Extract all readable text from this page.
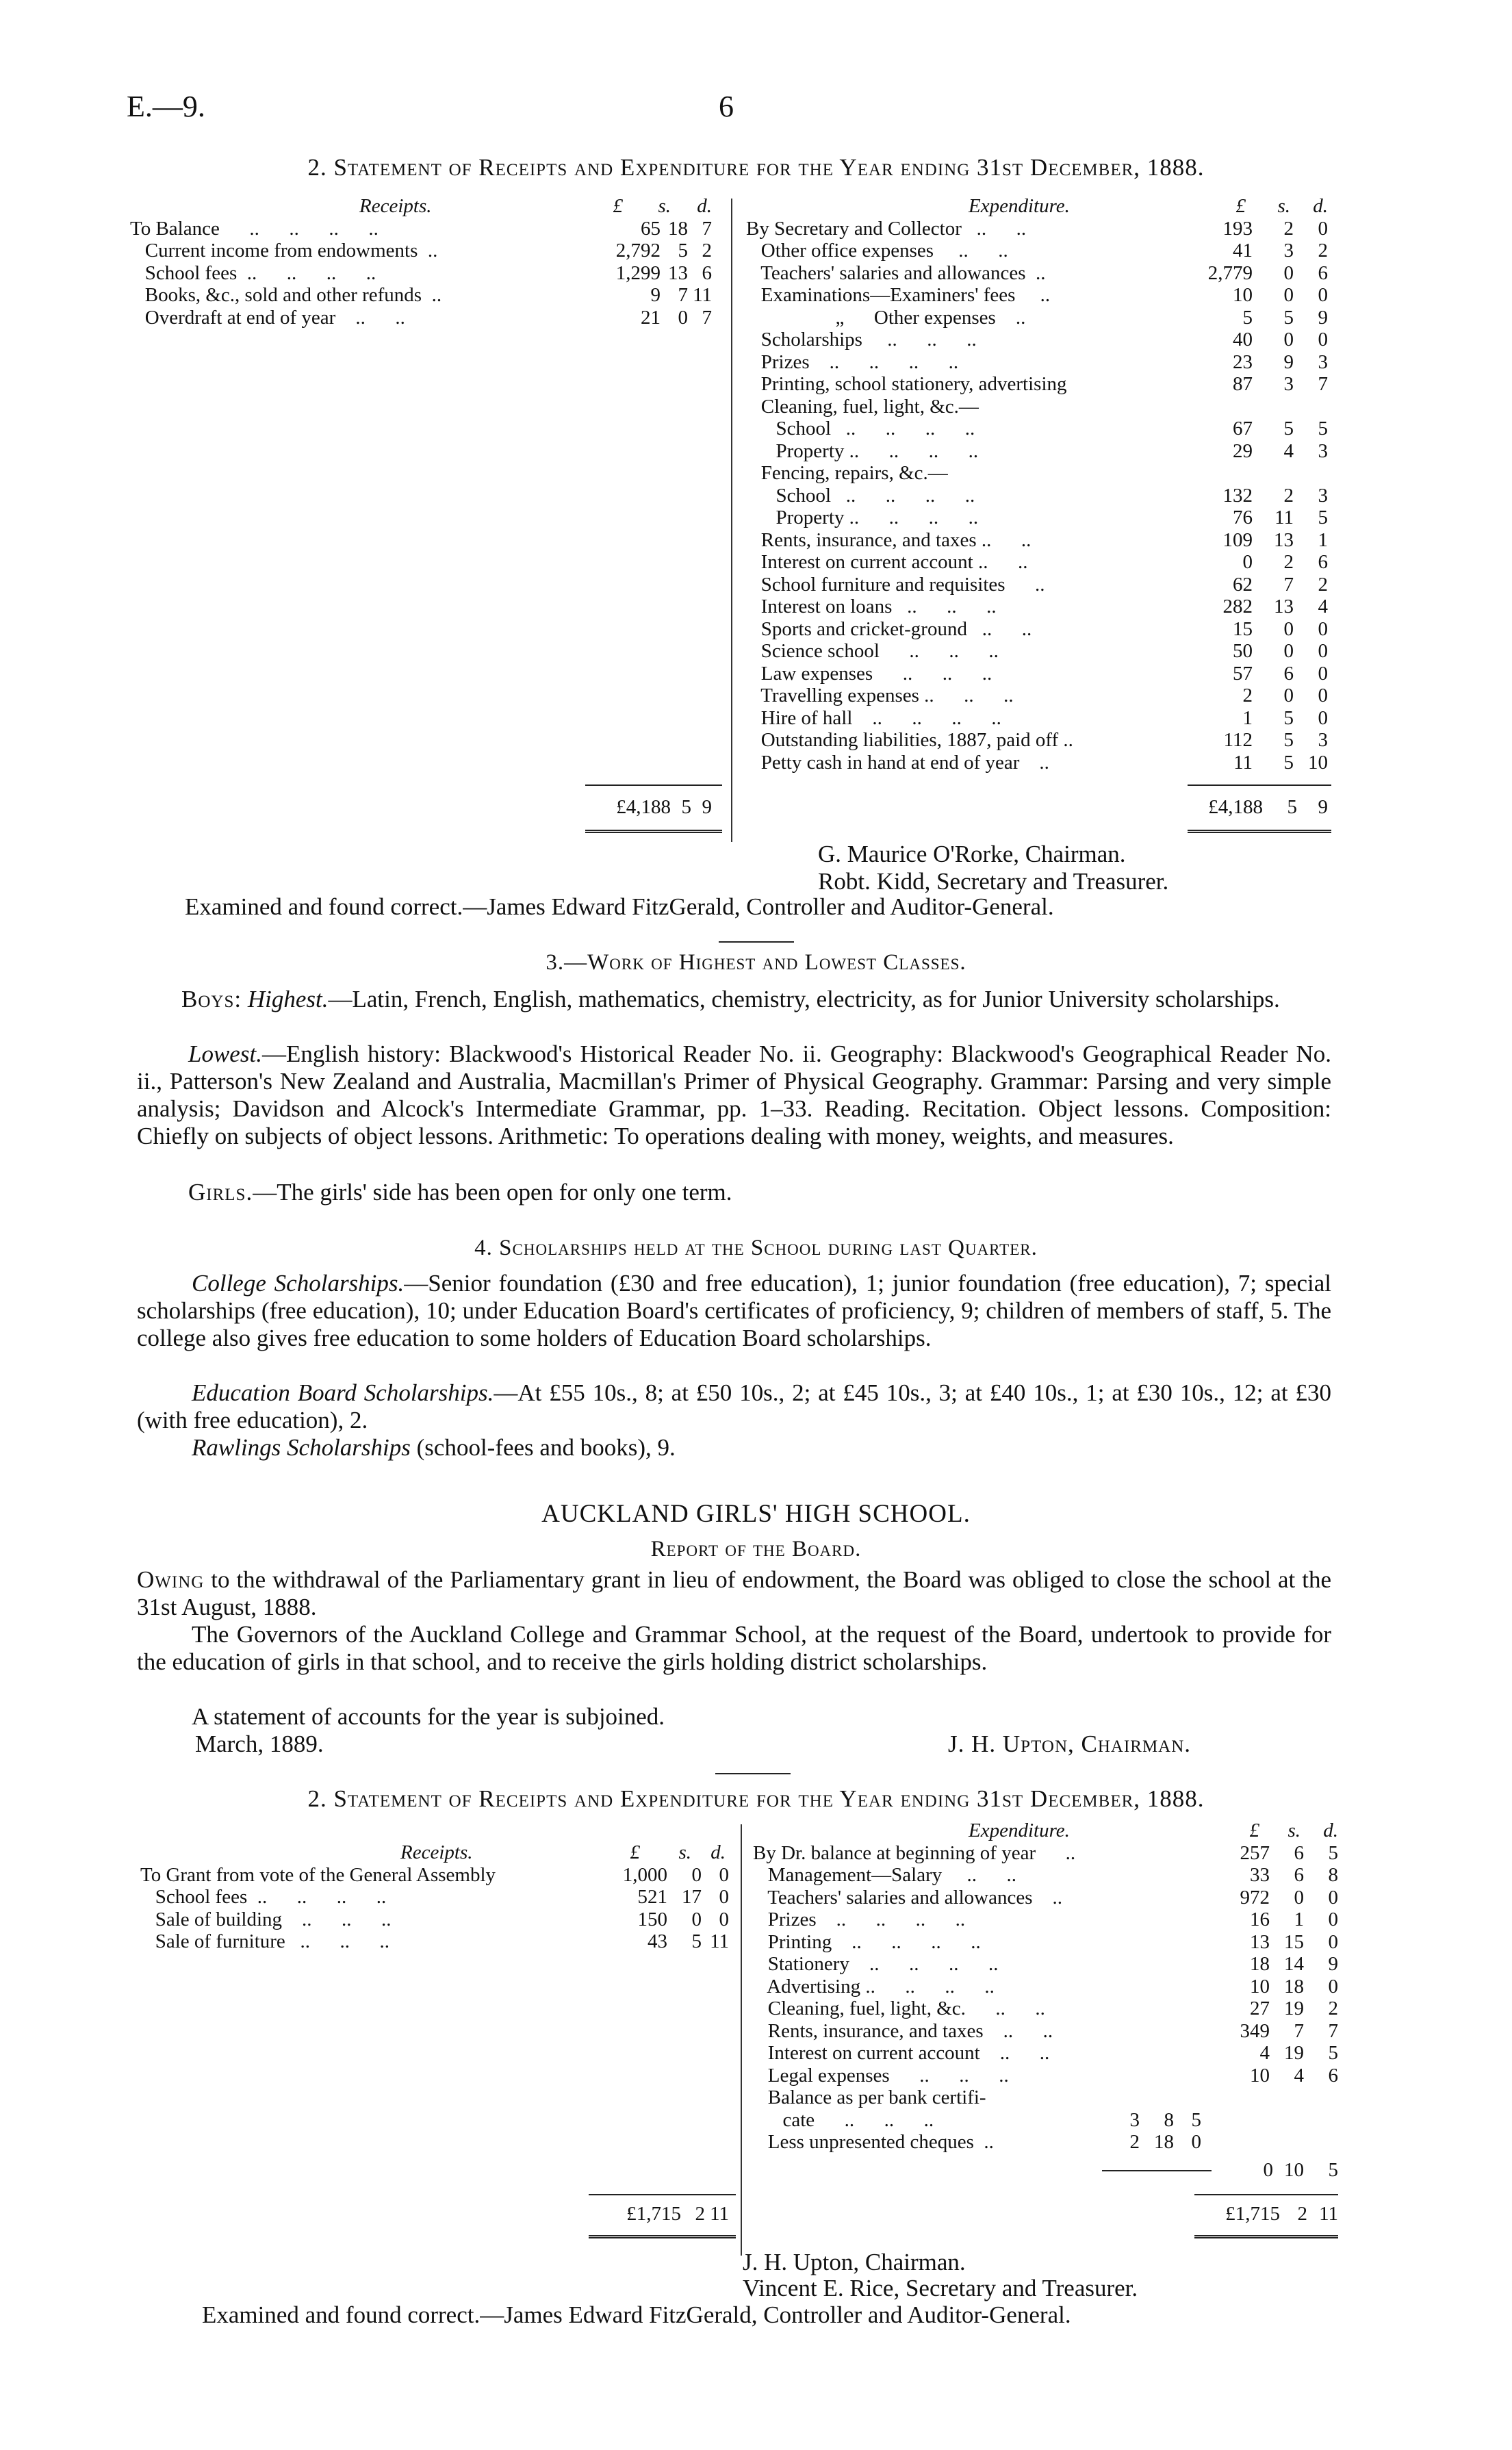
E.—9.	6
2. Statement of Receipts and Expenditure for the Year ending 31st December, 1888.
Receipts.	£ s. d.
To Balance      ..      ..      ..      ..	65 18 7
Current income from endowments  ..	2,792 5 2
School fees  ..      ..      ..      ..	1,299 13 6
Books, &c., sold and other refunds  ..	9 7 11
Overdraft at end of year    ..      ..	21 0 7
Expenditure.	£ s. d.
By Secretary and Collector   ..      ..	193 2 0
Other office expenses     ..      ..	41 3 2
Teachers' salaries and allowances  ..	2,779 0 6
Examinations—Examiners' fees     ..	10 0 0
„      Other expenses    ..	5 5 9
Scholarships     ..      ..      ..	40 0 0
Prizes    ..      ..      ..      ..	23 9 3
Printing, school stationery, advertising	87 3 7
Cleaning, fuel, light, &c.—
School   ..      ..      ..      ..	67 5 5
Property ..      ..      ..      ..	29 4 3
Fencing, repairs, &c.—
School   ..      ..      ..      ..	132 2 3
Property ..      ..      ..      ..	76 11 5
Rents, insurance, and taxes ..      ..	109 13 1
Interest on current account ..      ..	0 2 6
School furniture and requisites      ..	62 7 2
Interest on loans   ..      ..      ..	282 13 4
Sports and cricket-ground   ..      ..	15 0 0
Science school      ..      ..      ..	50 0 0
Law expenses      ..      ..      ..	57 6 0
Travelling expenses ..      ..      ..	2 0 0
Hire of hall    ..      ..      ..      ..	1 5 0
Outstanding liabilities, 1887, paid off ..	112 5 3
Petty cash in hand at end of year    ..	11 5 10
£4,188 5 9	£4,188 5 9
G. Maurice O'Rorke, Chairman.
Robt. Kidd, Secretary and Treasurer.
Examined and found correct.—James Edward FitzGerald, Controller and Auditor-General.
3.—Work of Highest and Lowest Classes.

Boys: Highest.—Latin, French, English, mathematics, chemistry, electricity, as for Junior University scholarships.

Lowest.—English history: Blackwood's Historical Reader No. ii. Geography: Blackwood's Geographical Reader No. ii., Patterson's New Zealand and Australia, Macmillan's Primer of Physical Geography. Grammar: Parsing and very simple analysis; Davidson and Alcock's Intermediate Grammar, pp. 1–33. Reading. Recitation. Object lessons. Composition: Chiefly on subjects of object lessons. Arithmetic: To operations dealing with money, weights, and measures.

Girls.—The girls' side has been open for only one term.

4. Scholarships held at the School during last Quarter.

College Scholarships.—Senior foundation (£30 and free education), 1; junior foundation (free education), 7; special scholarships (free education), 10; under Education Board's certificates of proficiency, 9; children of members of staff, 5. The college also gives free education to some holders of Education Board scholarships.

Education Board Scholarships.—At £55 10s., 8; at £50 10s., 2; at £45 10s., 3; at £40 10s., 1; at £30 10s., 12; at £30 (with free education), 2.

Rawlings Scholarships (school-fees and books), 9.

AUCKLAND GIRLS' HIGH SCHOOL.
Report of the Board.

Owing to the withdrawal of the Parliamentary grant in lieu of endowment, the Board was obliged to close the school at the 31st August, 1888.

The Governors of the Auckland College and Grammar School, at the request of the Board, undertook to provide for the education of girls in that school, and to receive the girls holding district scholarships.

A statement of accounts for the year is subjoined.

March, 1889.	J. H. Upton, Chairman.
2. Statement of Receipts and Expenditure for the Year ending 31st December, 1888.
Receipts.	£ s. d.
To Grant from vote of the General Assembly	1,000 0 0
School fees  ..      ..      ..      ..	521 17 0
Sale of building    ..      ..      ..	150 0 0
Sale of furniture   ..      ..      ..	43 5 11
Expenditure.	£ s. d.
By Dr. balance at beginning of year      ..	257 6 5
Management—Salary     ..      ..	33 6 8
Teachers' salaries and allowances    ..	972 0 0
Prizes    ..      ..      ..      ..	16 1 0
Printing    ..      ..      ..      ..	13 15 0
Stationery    ..      ..      ..      ..	18 14 9
Advertising ..      ..      ..      ..	10 18 0
Cleaning, fuel, light, &c.      ..      ..	27 19 2
Rents, insurance, and taxes    ..      ..	349 7 7
Interest on current account    ..      ..	4 19 5
Legal expenses      ..      ..      ..	10 4 6
Balance as per bank certifi-
cate      ..      ..      ..	3 8 5
Less unpresented cheques  ..	2 18 0
0 10 5
£1,715 2 11	£1,715 2 11
J. H. Upton, Chairman.
Vincent E. Rice, Secretary and Treasurer.
Examined and found correct.—James Edward FitzGerald, Controller and Auditor-General.
